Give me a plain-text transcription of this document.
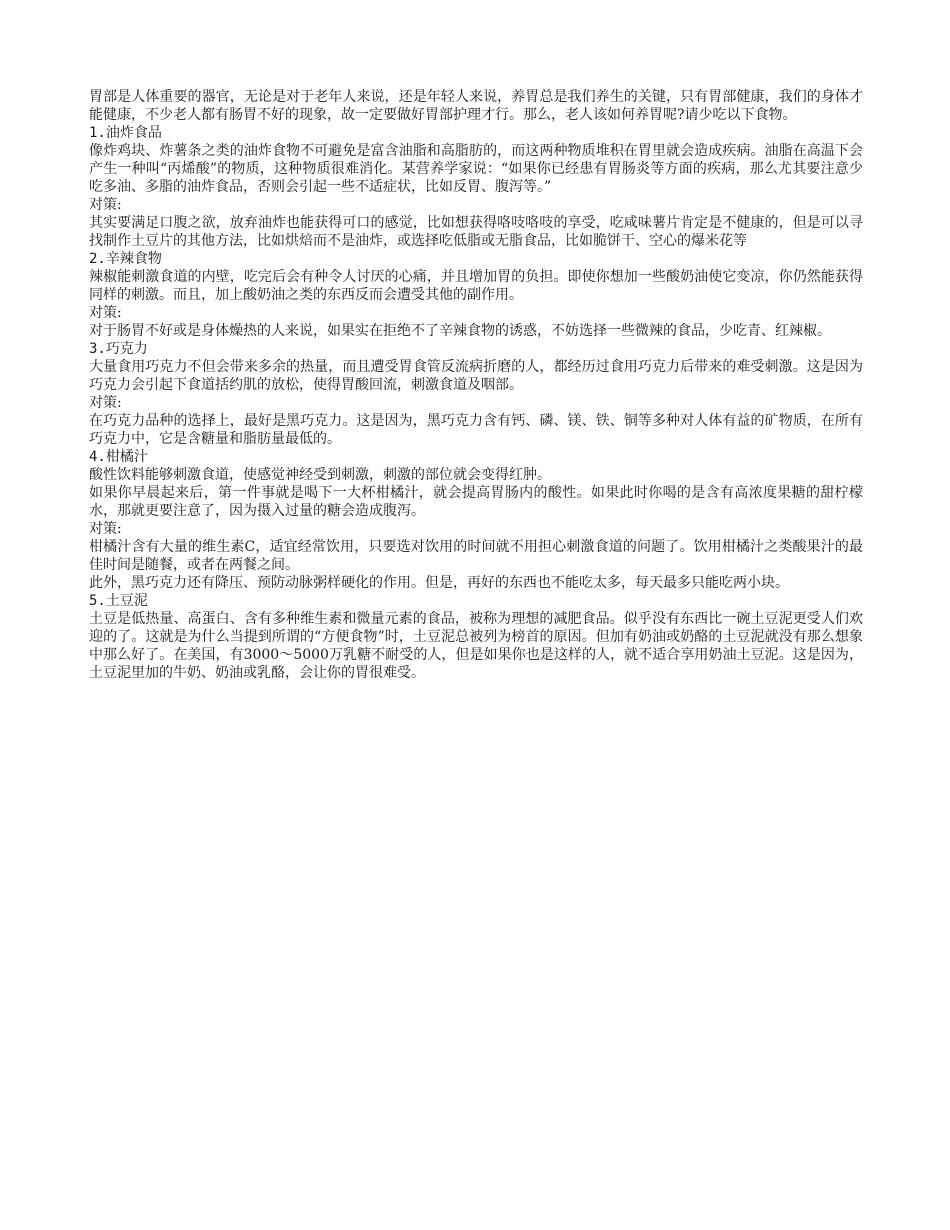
胃部是人体重要的器官，无论是对于老年人来说，还是年轻人来说，养胃总是我们养生的关键，只有胃部健康，我们的身体才能健康，不少老人都有肠胃不好的现象，故一定要做好胃部护理才行。那么，老人该如何养胃呢?请少吃以下食物。

1.油炸食品

像炸鸡块、炸薯条之类的油炸食物不可避免是富含油脂和高脂肪的，而这两种物质堆积在胃里就会造成疾病。油脂在高温下会产生一种叫“丙烯酸”的物质，这种物质很难消化。某营养学家说：“如果你已经患有胃肠炎等方面的疾病，那么尤其要注意少吃多油、多脂的油炸食品，否则会引起一些不适症状，比如反胃、腹泻等。”

对策:

其实要满足口腹之欲，放弃油炸也能获得可口的感觉，比如想获得咯吱咯吱的享受，吃咸味薯片肯定是不健康的，但是可以寻找制作土豆片的其他方法，比如烘焙而不是油炸，或选择吃低脂或无脂食品，比如脆饼干、空心的爆米花等

2.辛辣食物

辣椒能刺激食道的内壁，吃完后会有种令人讨厌的心痛，并且增加胃的负担。即使你想加一些酸奶油使它变凉，你仍然能获得同样的刺激。而且，加上酸奶油之类的东西反而会遭受其他的副作用。

对策:

对于肠胃不好或是身体燥热的人来说，如果实在拒绝不了辛辣食物的诱惑，不妨选择一些微辣的食品，少吃青、红辣椒。

3.巧克力

大量食用巧克力不但会带来多余的热量，而且遭受胃食管反流病折磨的人，都经历过食用巧克力后带来的难受刺激。这是因为巧克力会引起下食道括约肌的放松，使得胃酸回流，刺激食道及咽部。

对策:

在巧克力品种的选择上，最好是黑巧克力。这是因为，黑巧克力含有钙、磷、镁、铁、铜等多种对人体有益的矿物质，在所有巧克力中，它是含糖量和脂肪量最低的。

4.柑橘汁

酸性饮料能够刺激食道，使感觉神经受到刺激，刺激的部位就会变得红肿。

如果你早晨起来后，第一件事就是喝下一大杯柑橘汁，就会提高胃肠内的酸性。如果此时你喝的是含有高浓度果糖的甜柠檬水，那就更要注意了，因为摄入过量的糖会造成腹泻。

对策:

柑橘汁含有大量的维生素C，适宜经常饮用，只要选对饮用的时间就不用担心刺激食道的问题了。饮用柑橘汁之类酸果汁的最佳时间是随餐，或者在两餐之间。

此外，黑巧克力还有降压、预防动脉粥样硬化的作用。但是，再好的东西也不能吃太多，每天最多只能吃两小块。

5.土豆泥

土豆是低热量、高蛋白、含有多种维生素和微量元素的食品，被称为理想的减肥食品。似乎没有东西比一碗土豆泥更受人们欢迎的了。这就是为什么当提到所谓的“方便食物”时，土豆泥总被列为榜首的原因。但加有奶油或奶酪的土豆泥就没有那么想象中那么好了。在美国，有3000～5000万乳糖不耐受的人，但是如果你也是这样的人，就不适合享用奶油土豆泥。这是因为，土豆泥里加的牛奶、奶油或乳酪，会让你的胃很难受。
